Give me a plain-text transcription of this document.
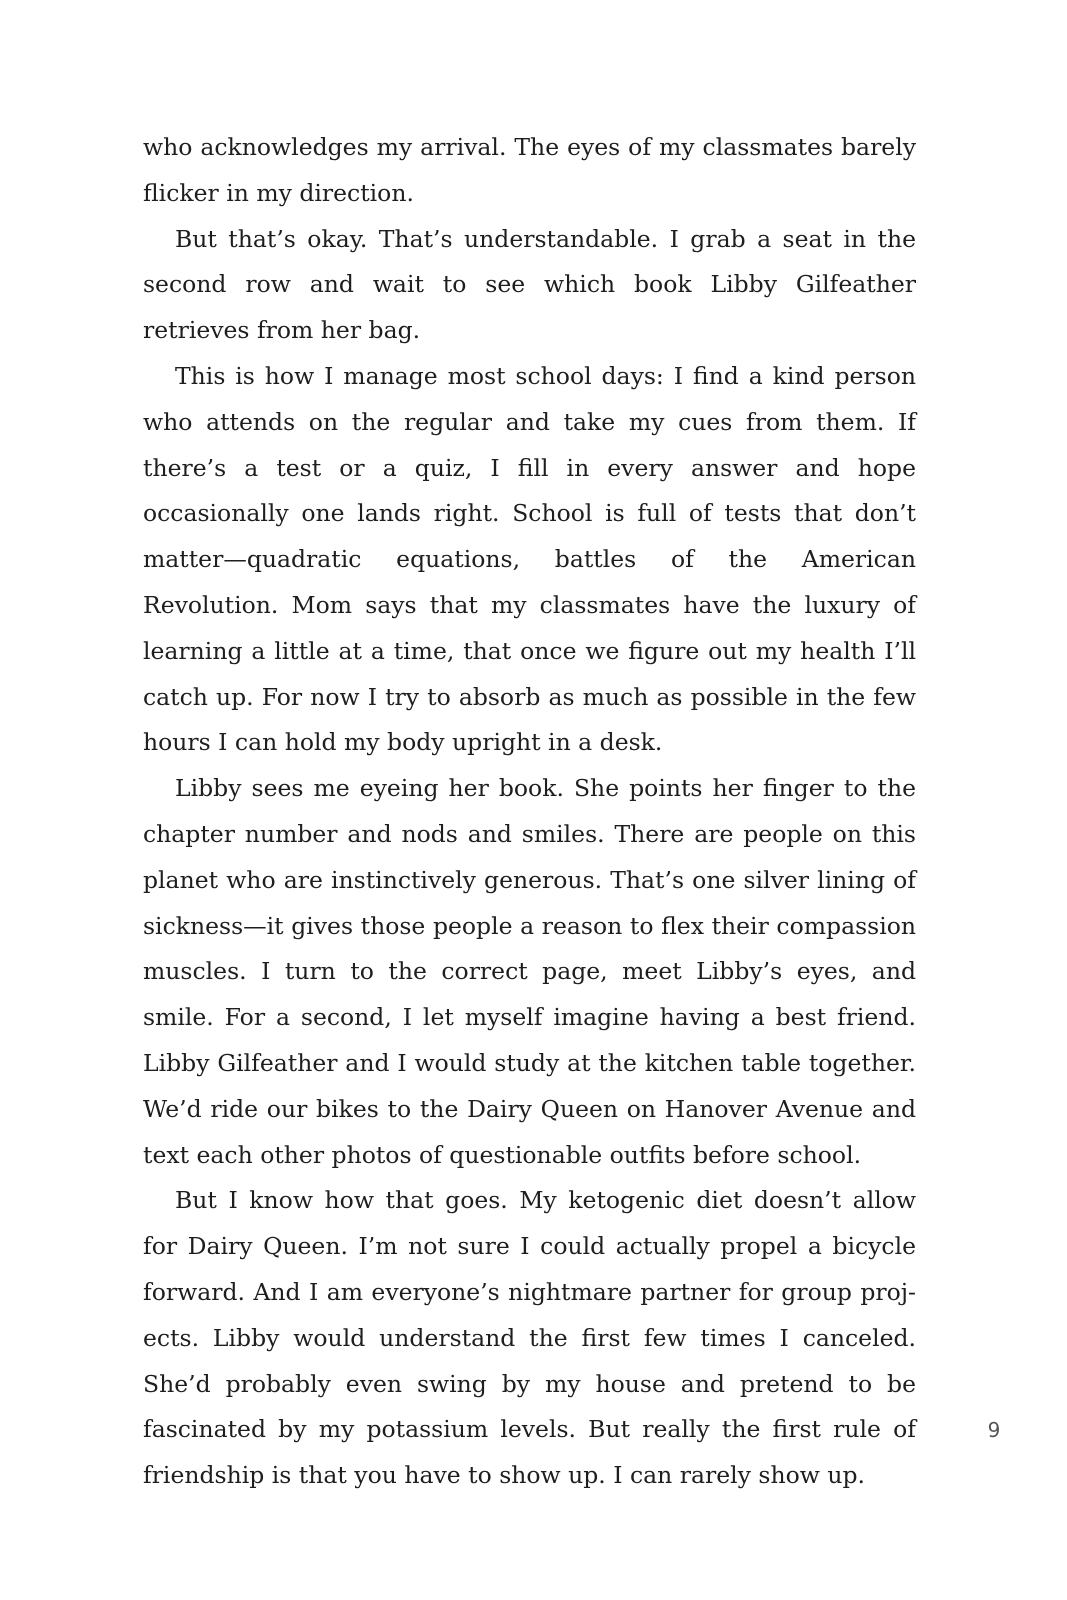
who acknowledges my arrival. The eyes of my classmates barely flicker in my direction.

But that’s okay. That’s understandable. I grab a seat in the second row and wait to see which book Libby Gilfeather retrieves from her bag.

This is how I manage most school days: I find a kind person who attends on the regular and take my cues from them. If there’s a test or a quiz, I fill in every answer and hope occasionally one lands right. School is full of tests that don’t matter—quadratic equations, battles of the American Revolution. Mom says that my classmates have the luxury of learning a little at a time, that once we figure out my health I’ll catch up. For now I try to absorb as much as possible in the few hours I can hold my body upright in a desk.

Libby sees me eyeing her book. She points her finger to the chapter number and nods and smiles. There are people on this planet who are instinctively generous. That’s one silver lining of sickness—it gives those people a reason to flex their compassion muscles. I turn to the correct page, meet Libby’s eyes, and smile. For a second, I let myself imagine having a best friend. Libby Gilfeather and I would study at the kitchen table together. We’d ride our bikes to the Dairy Queen on Hanover Avenue and text each other photos of questionable outfits before school.

But I know how that goes. My ketogenic diet doesn’t allow for Dairy Queen. I’m not sure I could actually propel a bicycle forward. And I am everyone’s nightmare partner for group projects. Libby would understand the first few times I canceled. She’d probably even swing by my house and pretend to be fascinated by my potassium levels. But really the first rule of friendship is that you have to show up. I can rarely show up.

9
